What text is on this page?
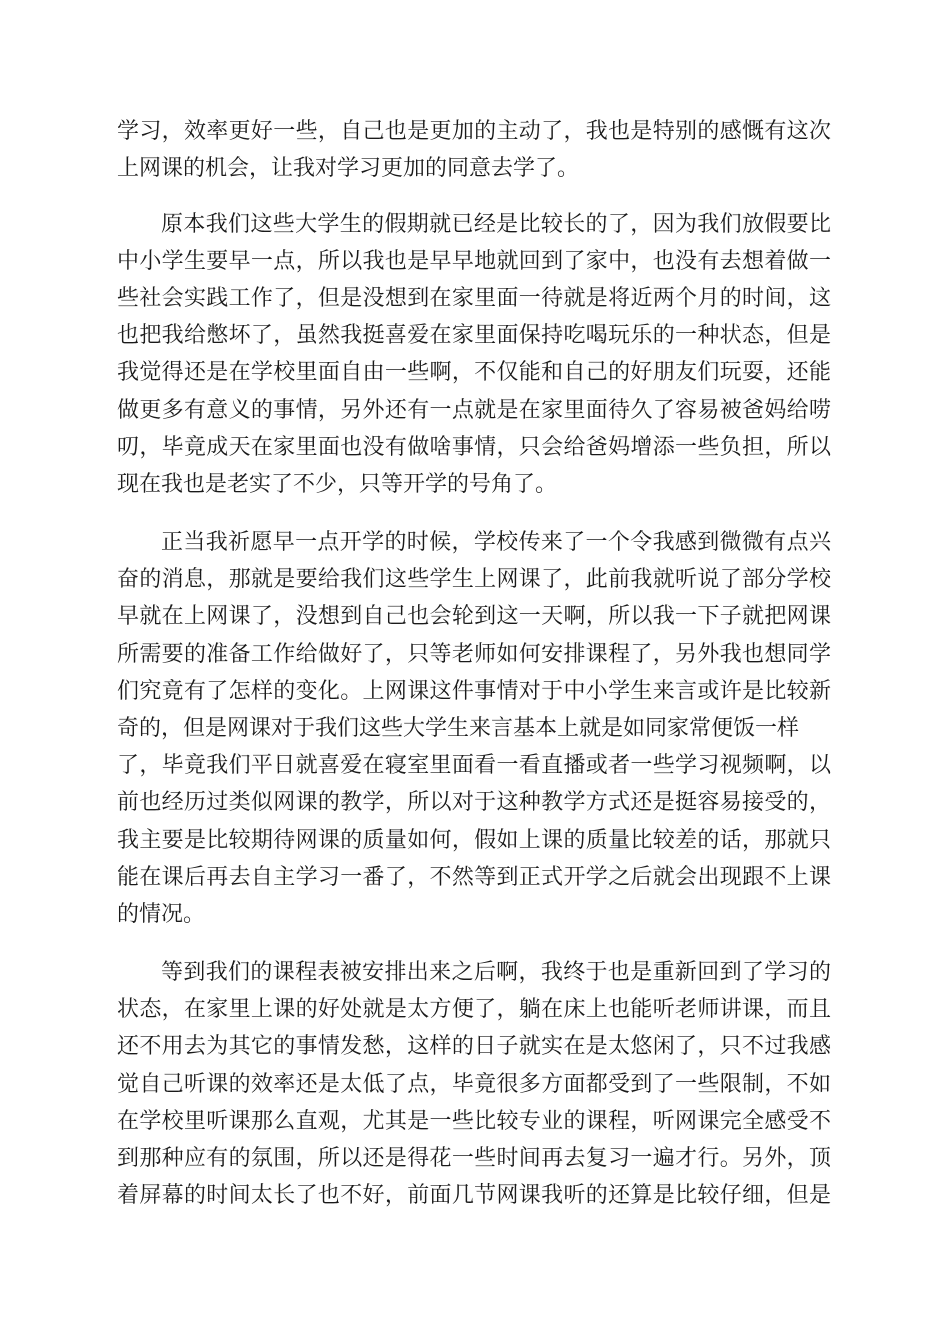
学习，效率更好一些，自己也是更加的主动了，我也是特别的感慨有这次
上网课的机会，让我对学习更加的同意去学了。
原本我们这些大学生的假期就已经是比较长的了，因为我们放假要比
中小学生要早一点，所以我也是早早地就回到了家中，也没有去想着做一
些社会实践工作了，但是没想到在家里面一待就是将近两个月的时间，这
也把我给憋坏了，虽然我挺喜爱在家里面保持吃喝玩乐的一种状态，但是
我觉得还是在学校里面自由一些啊，不仅能和自己的好朋友们玩耍，还能
做更多有意义的事情，另外还有一点就是在家里面待久了容易被爸妈给唠
叨，毕竟成天在家里面也没有做啥事情，只会给爸妈增添一些负担，所以
现在我也是老实了不少，只等开学的号角了。
正当我祈愿早一点开学的时候，学校传来了一个令我感到微微有点兴
奋的消息，那就是要给我们这些学生上网课了，此前我就听说了部分学校
早就在上网课了，没想到自己也会轮到这一天啊，所以我一下子就把网课
所需要的准备工作给做好了，只等老师如何安排课程了，另外我也想同学
们究竟有了怎样的变化。上网课这件事情对于中小学生来言或许是比较新
奇的，但是网课对于我们这些大学生来言基本上就是如同家常便饭一样
了，毕竟我们平日就喜爱在寝室里面看一看直播或者一些学习视频啊，以
前也经历过类似网课的教学，所以对于这种教学方式还是挺容易接受的，
我主要是比较期待网课的质量如何，假如上课的质量比较差的话，那就只
能在课后再去自主学习一番了，不然等到正式开学之后就会出现跟不上课
的情况。
等到我们的课程表被安排出来之后啊，我终于也是重新回到了学习的
状态，在家里上课的好处就是太方便了，躺在床上也能听老师讲课，而且
还不用去为其它的事情发愁，这样的日子就实在是太悠闲了，只不过我感
觉自己听课的效率还是太低了点，毕竟很多方面都受到了一些限制，不如
在学校里听课那么直观，尤其是一些比较专业的课程，听网课完全感受不
到那种应有的氛围，所以还是得花一些时间再去复习一遍才行。另外，顶
着屏幕的时间太长了也不好，前面几节网课我听的还算是比较仔细，但是
